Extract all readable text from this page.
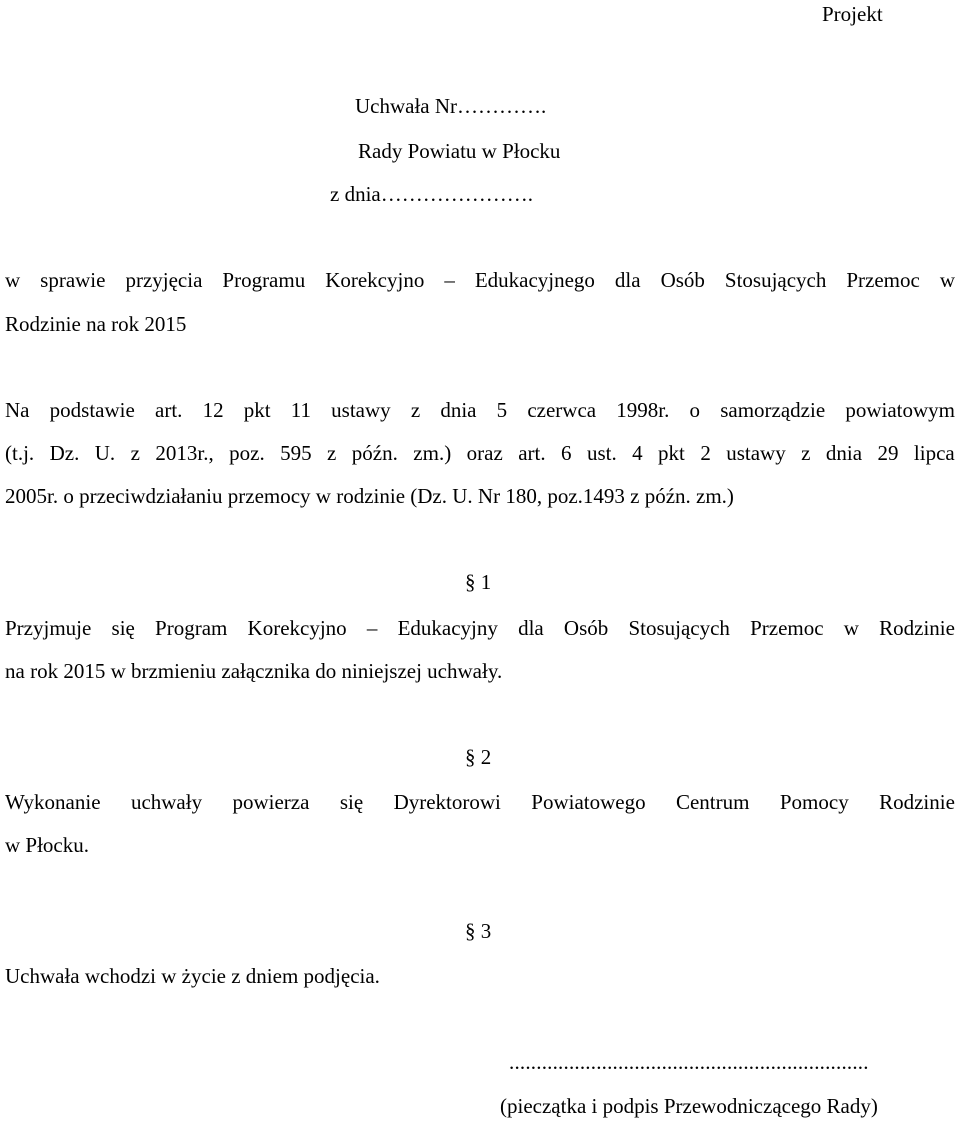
Projekt
Uchwała Nr………….
Rady Powiatu w Płocku
z dnia………………….
w sprawie przyjęcia Programu Korekcyjno – Edukacyjnego dla Osób Stosujących Przemoc w
Rodzinie na rok 2015
Na podstawie art. 12 pkt 11 ustawy z dnia 5 czerwca 1998r. o samorządzie powiatowym
(t.j. Dz. U. z 2013r., poz. 595 z późn. zm.) oraz art. 6 ust. 4 pkt 2 ustawy z dnia 29 lipca
2005r. o przeciwdziałaniu przemocy w rodzinie (Dz. U. Nr 180, poz.1493 z późn. zm.)
§ 1
Przyjmuje się Program Korekcyjno – Edukacyjny dla Osób Stosujących Przemoc w Rodzinie
na rok 2015 w brzmieniu załącznika do niniejszej uchwały.
§ 2
Wykonanie uchwały powierza się Dyrektorowi Powiatowego Centrum Pomocy Rodzinie
w Płocku.
§ 3
Uchwała wchodzi w życie z dniem podjęcia.
..................................................................
(pieczątka i podpis Przewodniczącego Rady)
